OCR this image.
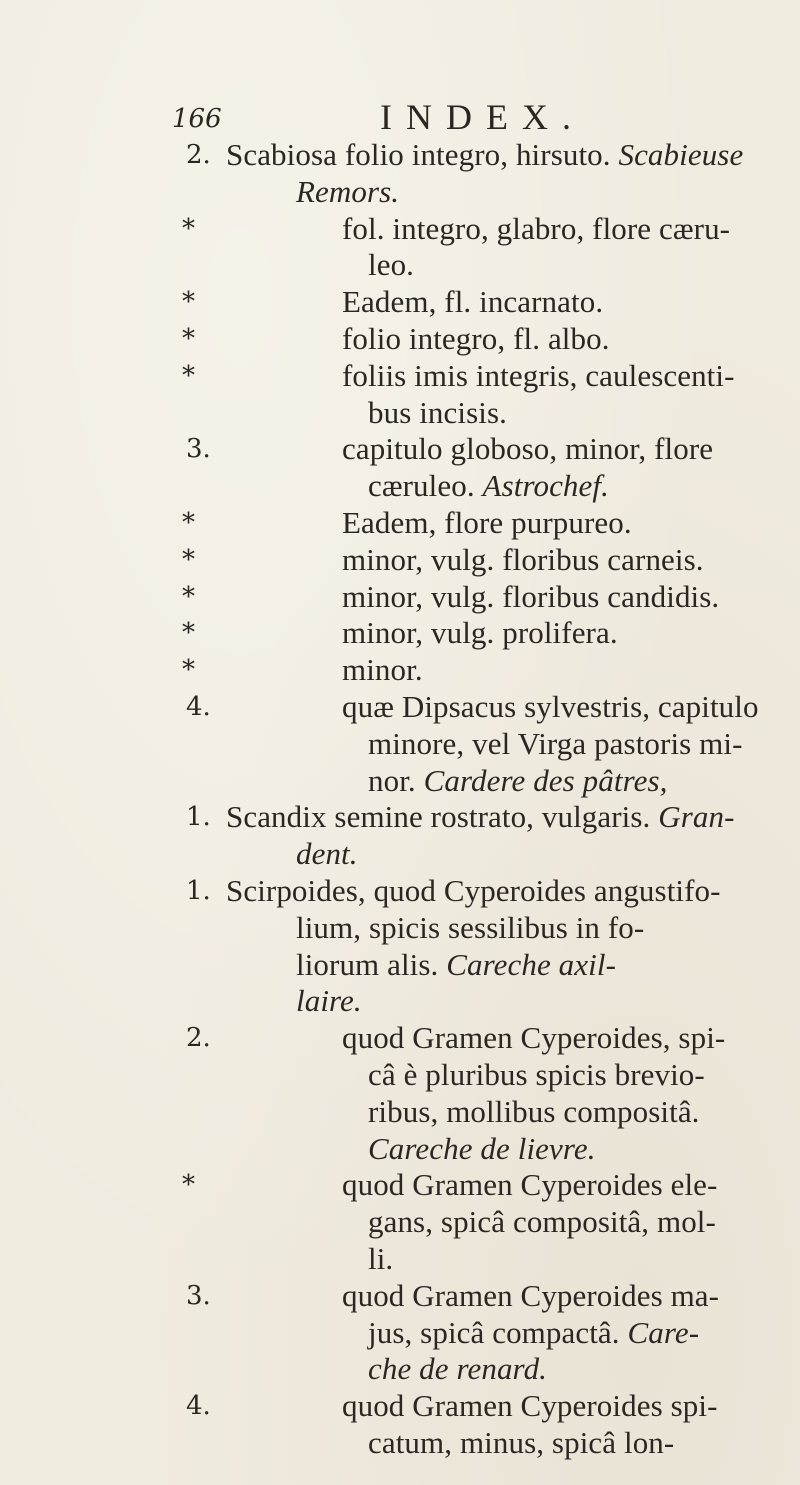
166	INDEX.
2. Scabiosa folio integro, hirsuto. Scabieuse
Remors.
*	fol. integro, glabro, flore cæru-
leo.
*	Eadem, fl. incarnato.
*	folio integro, fl. albo.
*	foliis imis integris, caulescenti-
bus incisis.
3.	capitulo globoso, minor, flore
cæruleo. Astrochef.
*	Eadem, flore purpureo.
*	minor, vulg. floribus carneis.
*	minor, vulg. floribus candidis.
*	minor, vulg. prolifera.
*	minor.
4.	quæ Dipsacus sylvestris, capitulo
minore, vel Virga pastoris mi-
nor. Cardere des pâtres,
1. Scandix semine rostrato, vulgaris. Gran-
dent.
1. Scirpoides, quod Cyperoides angustifo-
lium, spicis sessilibus in fo-
liorum alis. Careche axil-
laire.
2.	quod Gramen Cyperoides, spi-
câ è pluribus spicis brevio-
ribus, mollibus compositâ.
Careche de lievre.
*	quod Gramen Cyperoides ele-
gans, spicâ compositâ, mol-
li.
3.	quod Gramen Cyperoides ma-
jus, spicâ compactâ. Care-
che de renard.
4.	quod Gramen Cyperoides spi-
catum, minus, spicâ lon-
